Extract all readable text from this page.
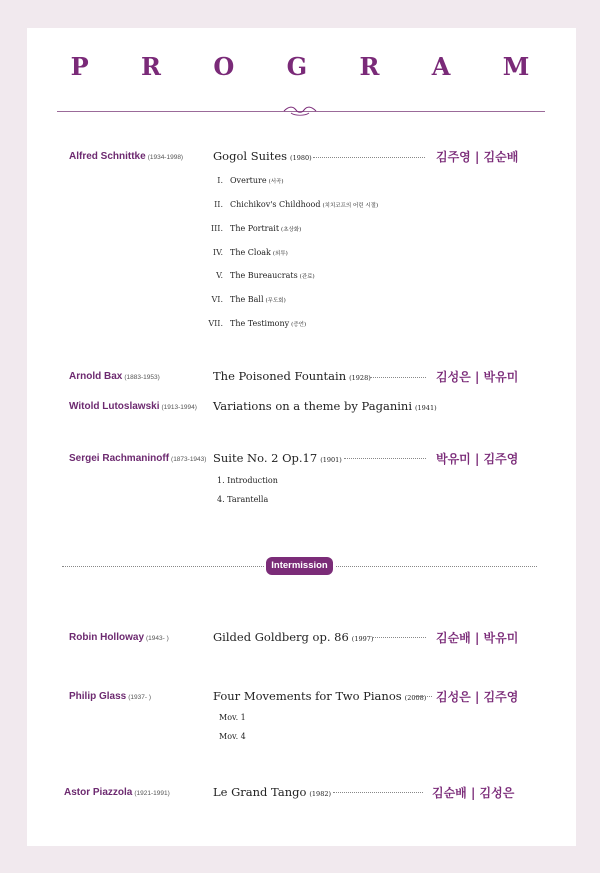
P R O G R A M
Alfred Schnittke (1934-1998)	Gogol Suites (1980)	김주영 | 김순배
I. Overture (서곡)
II. Chichikov's Childhood (치치코프의 어린 시절)
III. The Portrait (초상화)
IV. The Cloak (외투)
V. The Bureaucrats (관료)
VI. The Ball (무도회)
VII. The Testimony (증언)
Arnold Bax (1883-1953)	The Poisoned Fountain (1928)	김성은 | 박유미
Witold Lutoslawski (1913-1994) Variations on a theme by Paganini (1941)
Sergei Rachmaninoff (1873-1943) Suite No. 2 Op.17 (1901)	박유미 | 김주영
1. Introduction
4. Tarantella
Intermission
Robin Holloway (1943- )	Gilded Goldberg op. 86 (1997)	김순배 | 박유미
Philip Glass (1937- )	Four Movements for Two Pianos (2008) 김성은 | 김주영
Mov. 1
Mov. 4
Astor Piazzola (1921-1991)	Le Grand Tango (1982)	김순배 | 김성은
